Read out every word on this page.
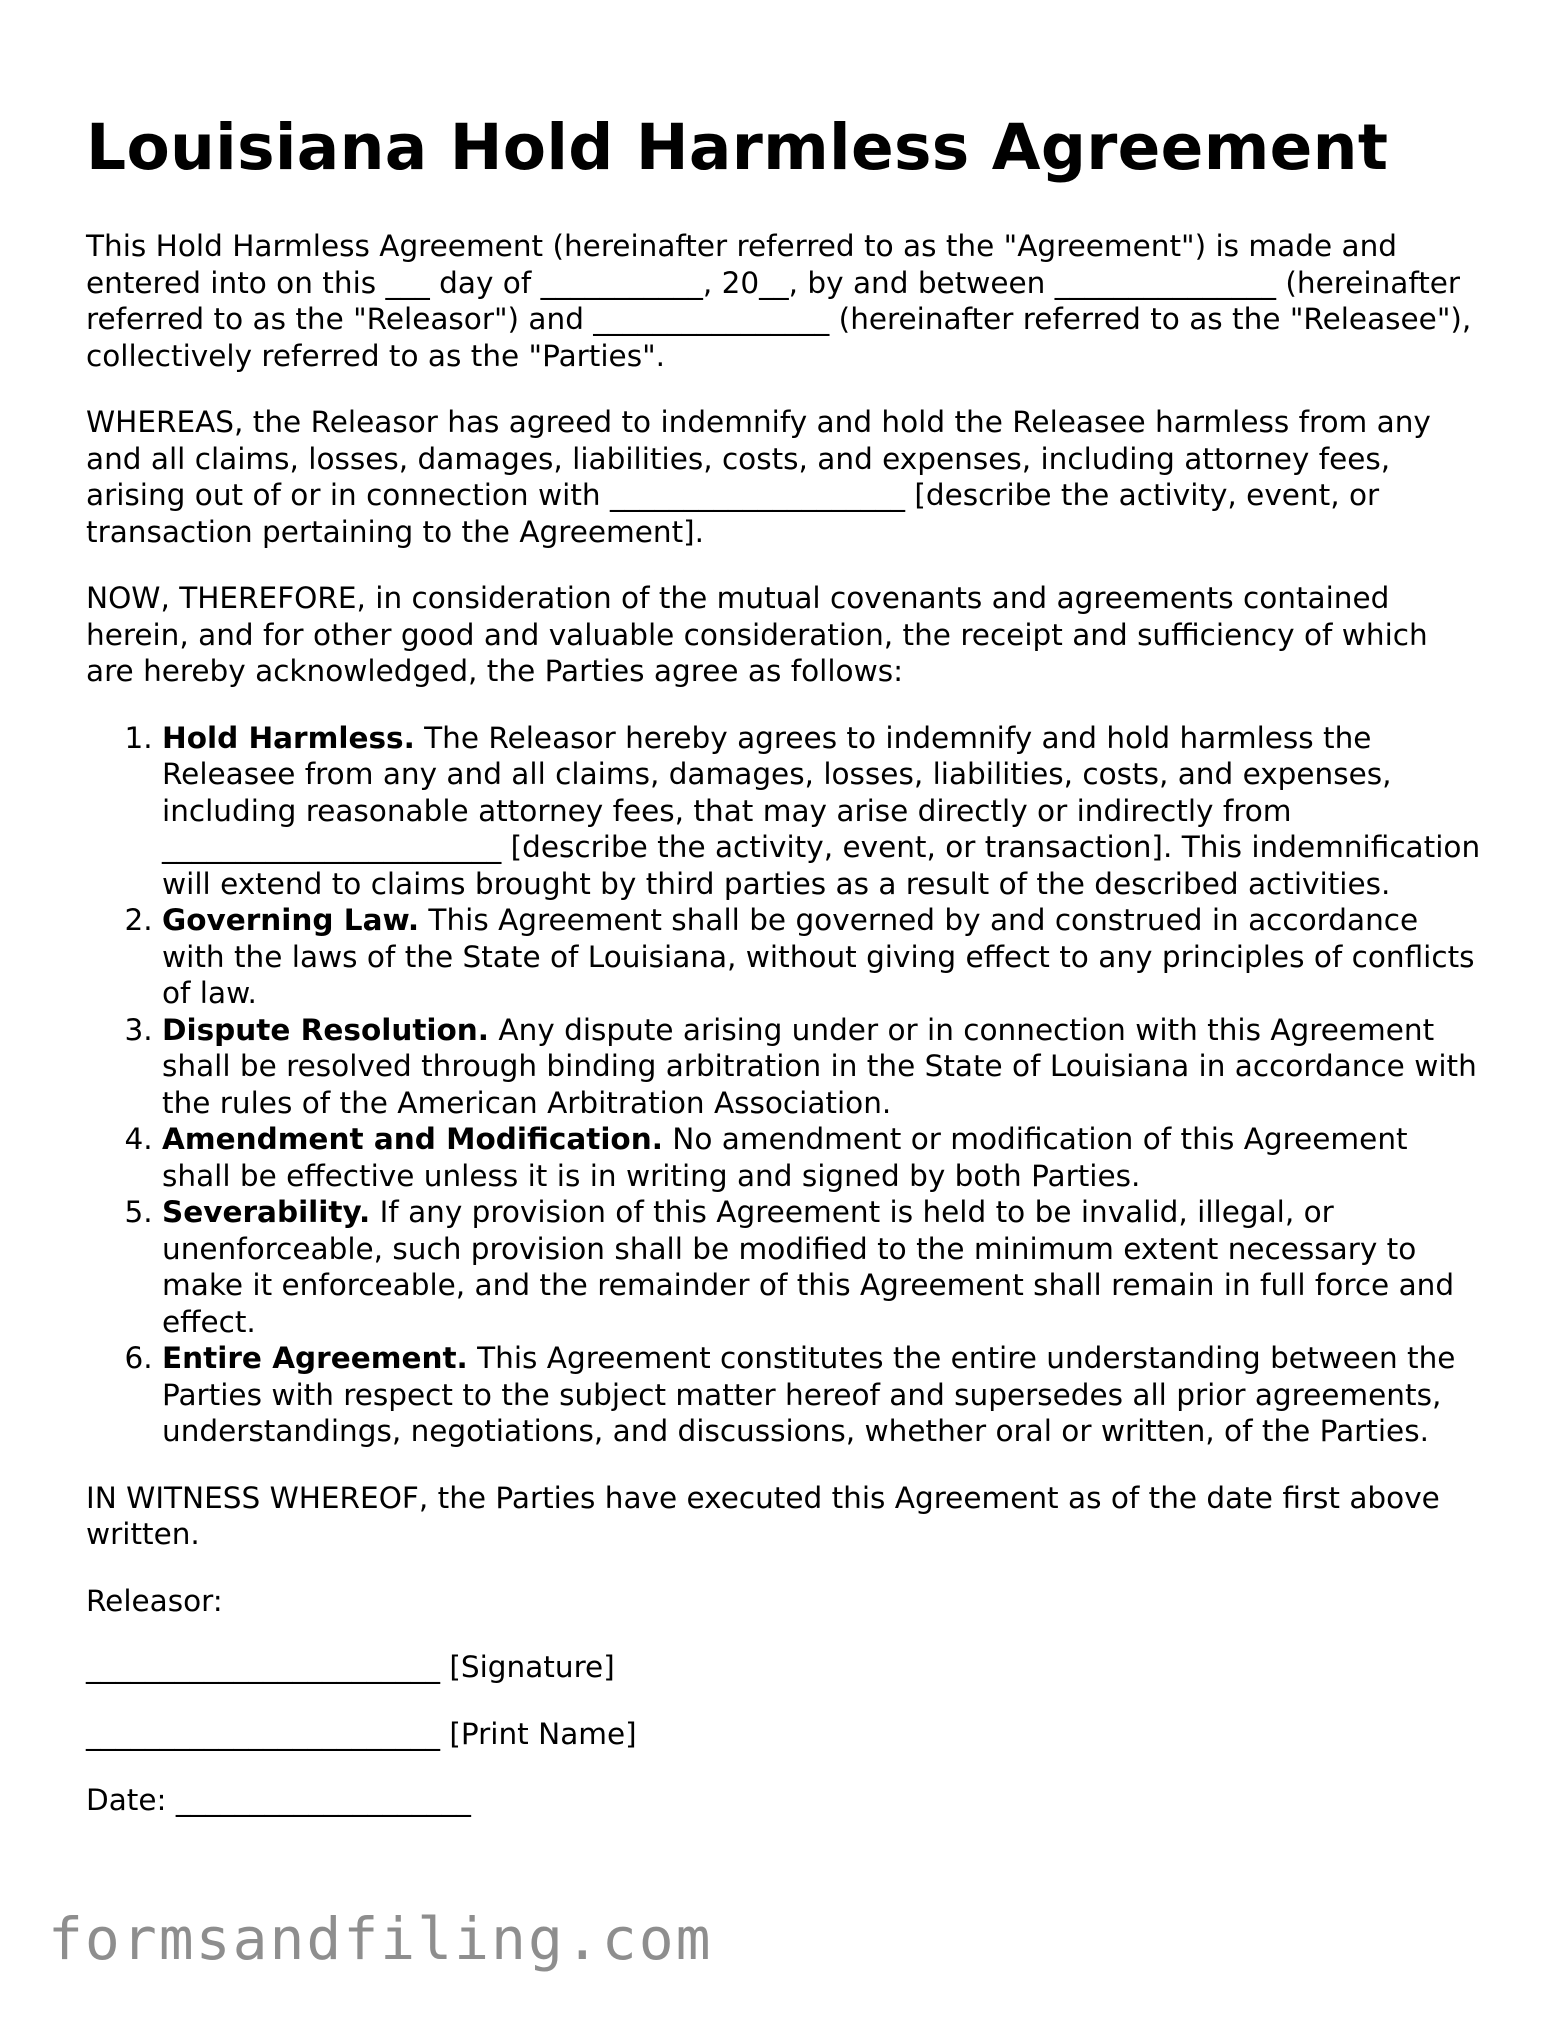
Louisiana Hold Harmless Agreement

This Hold Harmless Agreement (hereinafter referred to as the "Agreement") is made and entered into on this ___ day of ___________, 20__, by and between _______________ (hereinafter referred to as the "Releasor") and ________________ (hereinafter referred to as the "Releasee"), collectively referred to as the "Parties".

WHEREAS, the Releasor has agreed to indemnify and hold the Releasee harmless from any and all claims, losses, damages, liabilities, costs, and expenses, including attorney fees, arising out of or in connection with ____________________ [describe the activity, event, or transaction pertaining to the Agreement].

NOW, THEREFORE, in consideration of the mutual covenants and agreements contained herein, and for other good and valuable consideration, the receipt and sufficiency of which are hereby acknowledged, the Parties agree as follows:

1. Hold Harmless. The Releasor hereby agrees to indemnify and hold harmless the Releasee from any and all claims, damages, losses, liabilities, costs, and expenses, including reasonable attorney fees, that may arise directly or indirectly from _______________________ [describe the activity, event, or transaction]. This indemnification will extend to claims brought by third parties as a result of the described activities.
2. Governing Law. This Agreement shall be governed by and construed in accordance with the laws of the State of Louisiana, without giving effect to any principles of conflicts of law.
3. Dispute Resolution. Any dispute arising under or in connection with this Agreement shall be resolved through binding arbitration in the State of Louisiana in accordance with the rules of the American Arbitration Association.
4. Amendment and Modification. No amendment or modification of this Agreement shall be effective unless it is in writing and signed by both Parties.
5. Severability. If any provision of this Agreement is held to be invalid, illegal, or unenforceable, such provision shall be modified to the minimum extent necessary to make it enforceable, and the remainder of this Agreement shall remain in full force and effect.
6. Entire Agreement. This Agreement constitutes the entire understanding between the Parties with respect to the subject matter hereof and supersedes all prior agreements, understandings, negotiations, and discussions, whether oral or written, of the Parties.

IN WITNESS WHEREOF, the Parties have executed this Agreement as of the date first above written.

Releasor:

________________________ [Signature]

________________________ [Print Name]

Date: ____________________

formsandfiling.com
